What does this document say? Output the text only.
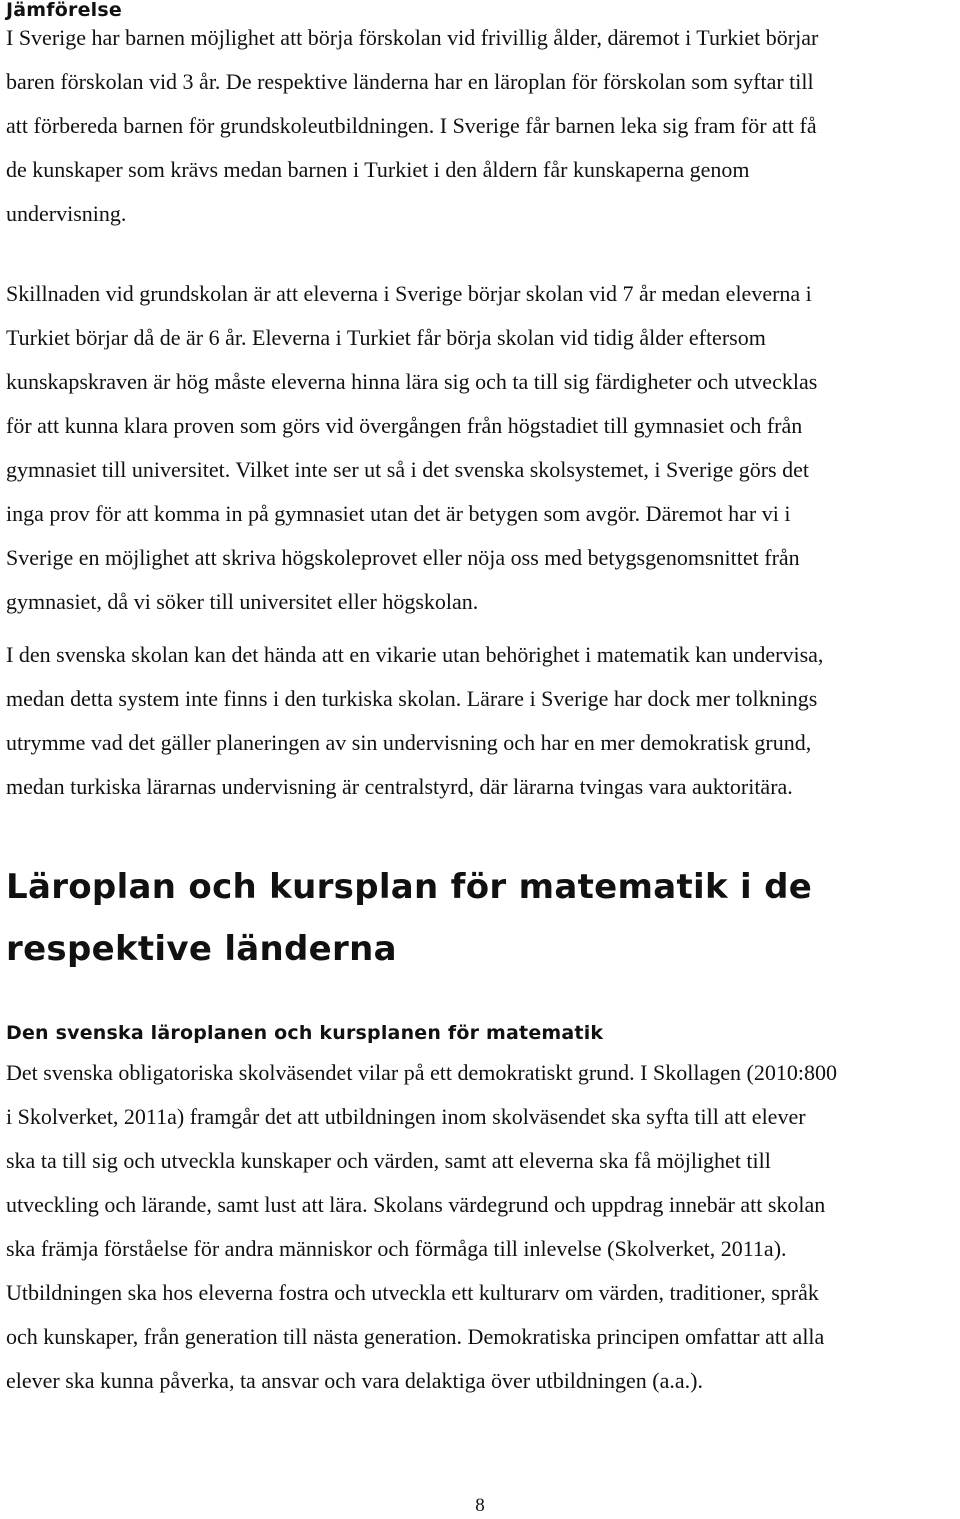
Jämförelse

I Sverige har barnen möjlighet att börja förskolan vid frivillig ålder, däremot i Turkiet börjar
baren förskolan vid 3 år. De respektive länderna har en läroplan för förskolan som syftar till
att förbereda barnen för grundskoleutbildningen. I Sverige får barnen leka sig fram för att få
de kunskaper som krävs medan barnen i Turkiet i den åldern får kunskaperna genom
undervisning.

Skillnaden vid grundskolan är att eleverna i Sverige börjar skolan vid 7 år medan eleverna i
Turkiet börjar då de är 6 år. Eleverna i Turkiet får börja skolan vid tidig ålder eftersom
kunskapskraven är hög måste eleverna hinna lära sig och ta till sig färdigheter och utvecklas
för att kunna klara proven som görs vid övergången från högstadiet till gymnasiet och från
gymnasiet till universitet. Vilket inte ser ut så i det svenska skolsystemet, i Sverige görs det
inga prov för att komma in på gymnasiet utan det är betygen som avgör. Däremot har vi i
Sverige en möjlighet att skriva högskoleprovet eller nöja oss med betygsgenomsnittet från
gymnasiet, då vi söker till universitet eller högskolan.

I den svenska skolan kan det hända att en vikarie utan behörighet i matematik kan undervisa,
medan detta system inte finns i den turkiska skolan. Lärare i Sverige har dock mer tolknings
utrymme vad det gäller planeringen av sin undervisning och har en mer demokratisk grund,
medan turkiska lärarnas undervisning är centralstyrd, där lärarna tvingas vara auktoritära.

Läroplan och kursplan för matematik i de
respektive länderna
Den svenska läroplanen och kursplanen för matematik

Det svenska obligatoriska skolväsendet vilar på ett demokratiskt grund. I Skollagen (2010:800
i Skolverket, 2011a) framgår det att utbildningen inom skolväsendet ska syfta till att elever
ska ta till sig och utveckla kunskaper och värden, samt att eleverna ska få möjlighet till
utveckling och lärande, samt lust att lära. Skolans värdegrund och uppdrag innebär att skolan
ska främja förståelse för andra människor och förmåga till inlevelse (Skolverket, 2011a).
Utbildningen ska hos eleverna fostra och utveckla ett kulturarv om värden, traditioner, språk
och kunskaper, från generation till nästa generation. Demokratiska principen omfattar att alla
elever ska kunna påverka, ta ansvar och vara delaktiga över utbildningen (a.a.).

8
